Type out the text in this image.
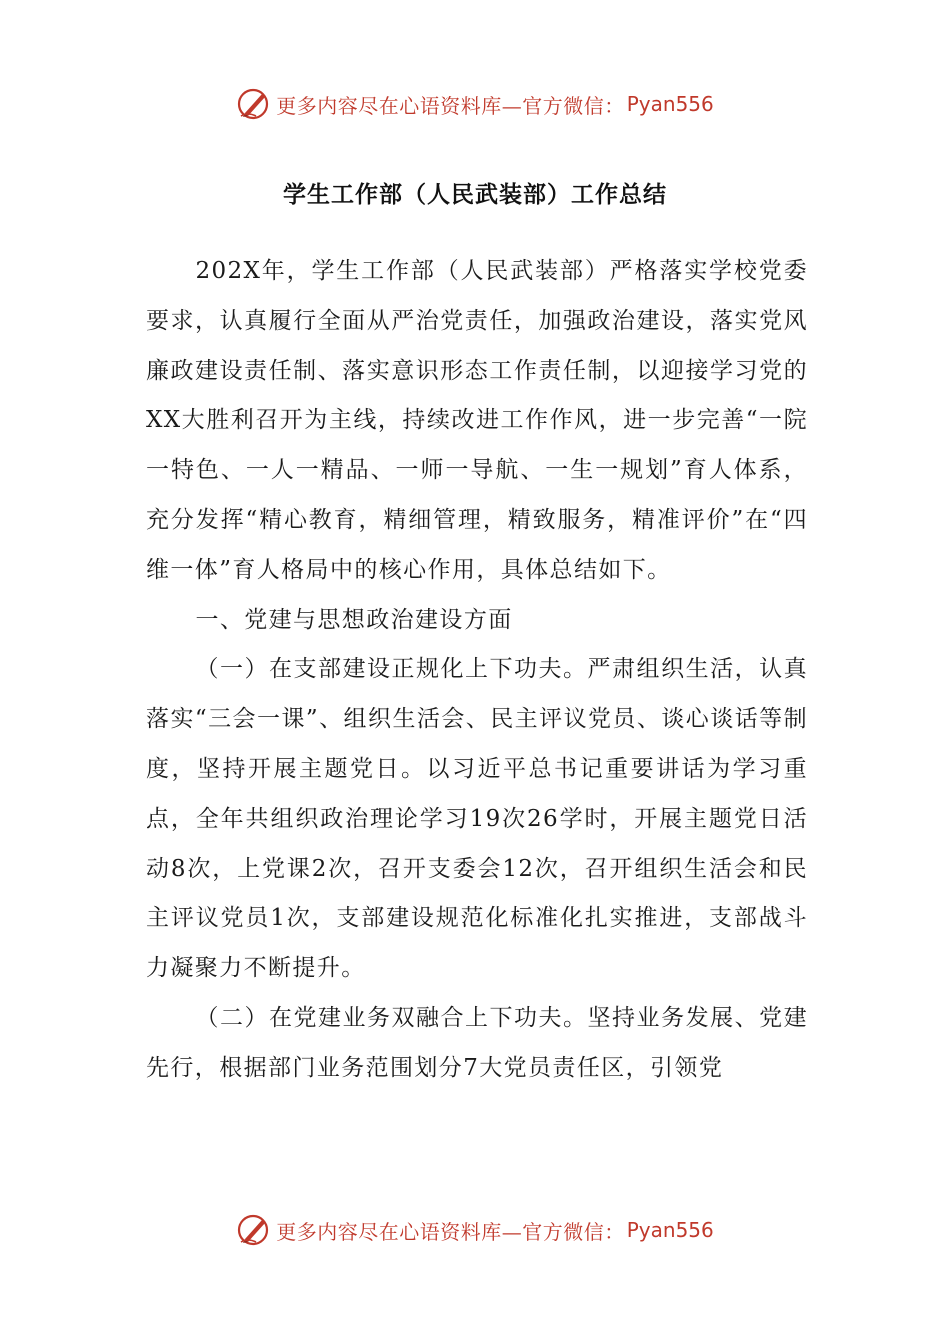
更多内容尽在心语资料库—官方微信： Pyan556
学生工作部（人民武装部）工作总结

202X年，学生工作部（人民武装部）严格落实学校党委要求，认真履行全面从严治党责任，加强政治建设，落实党风廉政建设责任制、落实意识形态工作责任制，以迎接学习党的XX大胜利召开为主线，持续改进工作作风，进一步完善“一院一特色、一人一精品、一师一导航、一生一规划”育人体系，充分发挥“精心教育，精细管理，精致服务，精准评价”在“四维一体”育人格局中的核心作用，具体总结如下。

一、党建与思想政治建设方面

（一）在支部建设正规化上下功夫。严肃组织生活，认真落实“三会一课”、组织生活会、民主评议党员、谈心谈话等制度，坚持开展主题党日。以习近平总书记重要讲话为学习重点，全年共组织政治理论学习19次26学时，开展主题党日活动8次，上党课2次，召开支委会12次，召开组织生活会和民主评议党员1次，支部建设规范化标准化扎实推进，支部战斗力凝聚力不断提升。

（二）在党建业务双融合上下功夫。坚持业务发展、党建先行，根据部门业务范围划分7大党员责任区，引领党

更多内容尽在心语资料库—官方微信： Pyan556
